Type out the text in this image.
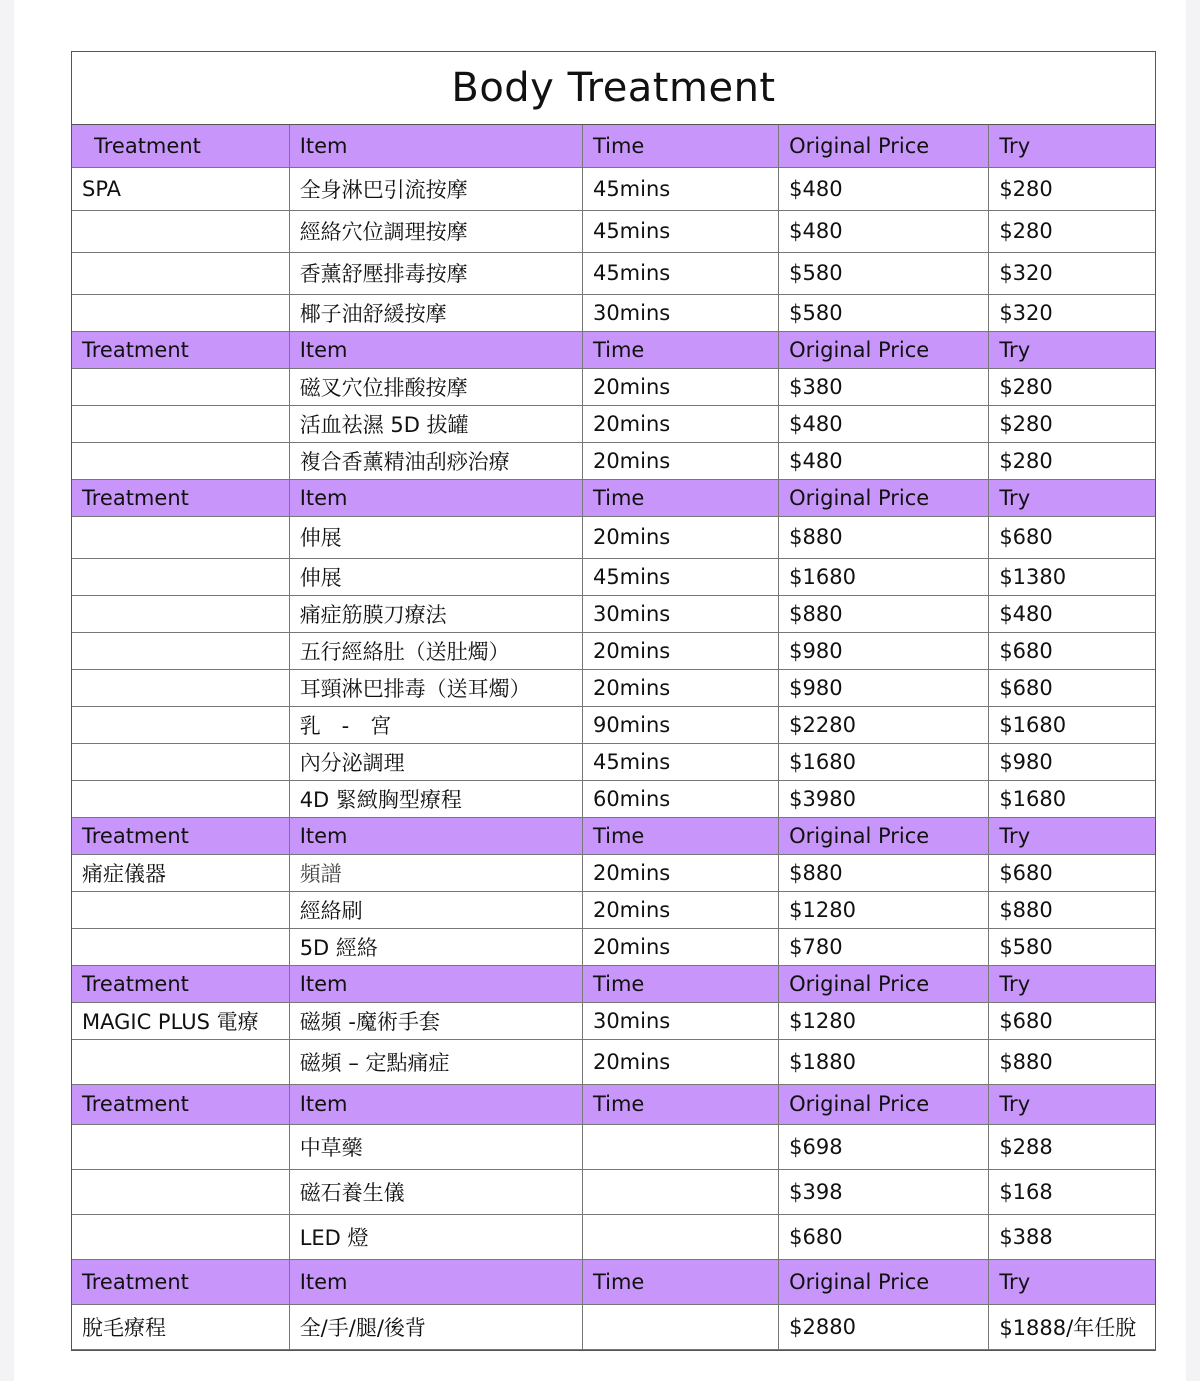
Body Treatment
Treatment	Item	Time	Original Price	Try
SPA	全身淋巴引流按摩	45mins	$480	$280
	經絡穴位調理按摩	45mins	$480	$280
	香薰舒壓排毒按摩	45mins	$580	$320
	椰子油舒緩按摩	30mins	$580	$320
Treatment	Item	Time	Original Price	Try
	磁叉穴位排酸按摩	20mins	$380	$280
	活血祛濕 5D 拔罐	20mins	$480	$280
	複合香薰精油刮痧治療	20mins	$480	$280
Treatment	Item	Time	Original Price	Try
	伸展	20mins	$880	$680
	伸展	45mins	$1680	$1380
	痛症筋膜刀療法	30mins	$880	$480
	五行經絡肚（送肚燭）	20mins	$980	$680
	耳頸淋巴排毒（送耳燭）	20mins	$980	$680
	乳　-　宮	90mins	$2280	$1680
	內分泌調理	45mins	$1680	$980
	4D 緊緻胸型療程	60mins	$3980	$1680
Treatment	Item	Time	Original Price	Try
痛症儀器	頻譜	20mins	$880	$680
	經絡刷	20mins	$1280	$880
	5D 經絡	20mins	$780	$580
Treatment	Item	Time	Original Price	Try
MAGIC PLUS 電療	磁頻 -魔術手套	30mins	$1280	$680
	磁頻 – 定點痛症	20mins	$1880	$880
Treatment	Item	Time	Original Price	Try
	中草藥		$698	$288
	磁石養生儀		$398	$168
	LED 燈		$680	$388
Treatment	Item	Time	Original Price	Try
脫毛療程	全/手/腿/後背		$2880	$1888/年任脫
